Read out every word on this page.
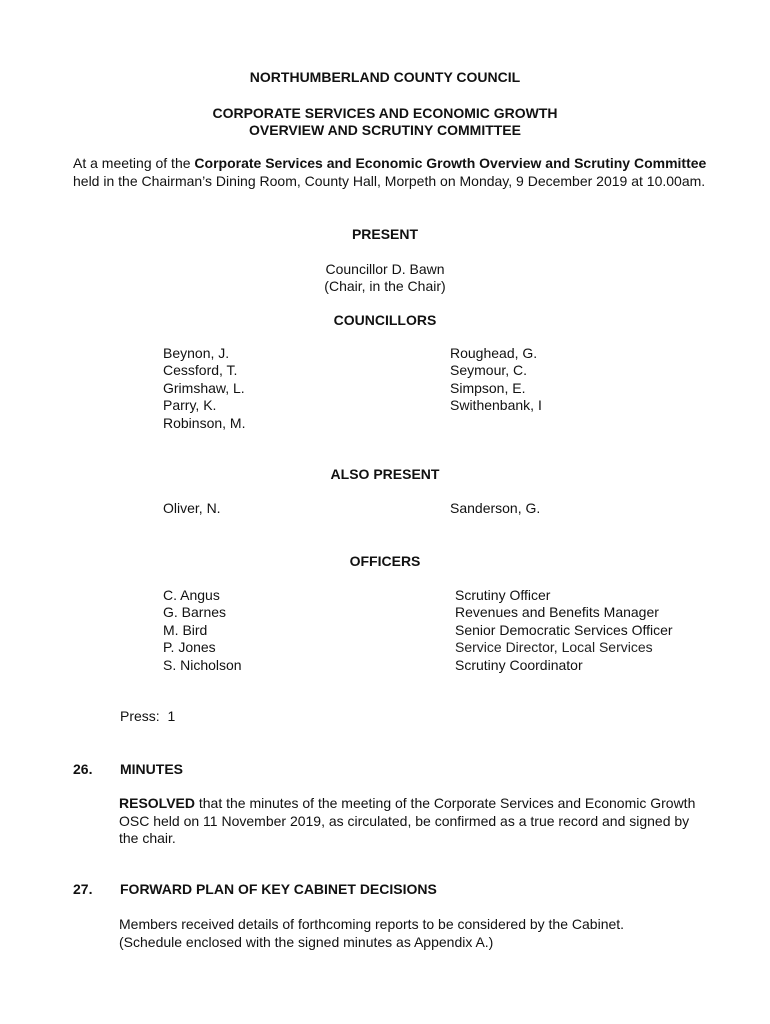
NORTHUMBERLAND COUNTY COUNCIL
CORPORATE SERVICES AND ECONOMIC GROWTH
OVERVIEW AND SCRUTINY COMMITTEE
At a meeting of the Corporate Services and Economic Growth Overview and Scrutiny Committee held in the Chairman’s Dining Room, County Hall, Morpeth on Monday, 9 December 2019 at 10.00am.
PRESENT
Councillor D. Bawn
(Chair, in the Chair)
COUNCILLORS
Beynon, J.
Cessford, T.
Grimshaw, L.
Parry, K.
Robinson, M.
Roughead, G.
Seymour, C.
Simpson, E.
Swithenbank, I
ALSO PRESENT
Oliver, N.	Sanderson, G.
OFFICERS
C. Angus
G. Barnes
M. Bird
P. Jones
S. Nicholson
Scrutiny Officer
Revenues and Benefits Manager
Senior Democratic Services Officer
Service Director, Local Services
Scrutiny Coordinator
Press:  1
26. MINUTES
RESOLVED that the minutes of the meeting of the Corporate Services and Economic Growth OSC held on 11 November 2019, as circulated, be confirmed as a true record and signed by the chair.
27. FORWARD PLAN OF KEY CABINET DECISIONS
Members received details of forthcoming reports to be considered by the Cabinet.
(Schedule enclosed with the signed minutes as Appendix A.)
